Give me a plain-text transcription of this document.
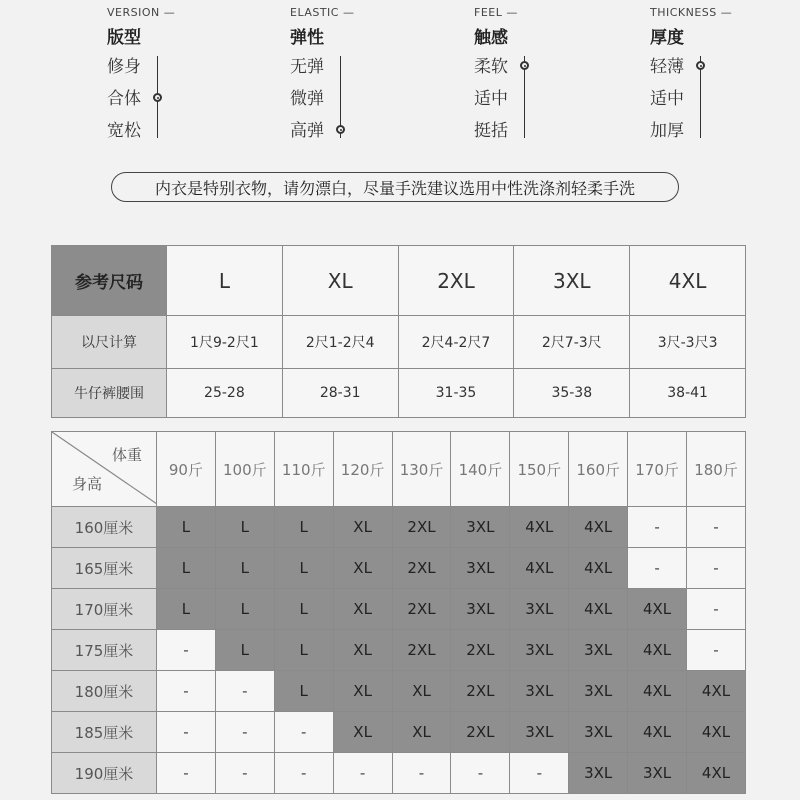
VERSION —
版型
修身
合体
宽松
ELASTIC —
弹性
无弹
微弹
高弹
FEEL —
触感
柔软
适中
挺括
THICKNESS —
厚度
轻薄
适中
加厚
内衣是特别衣物，请勿漂白，尽量手洗建议选用中性洗涤剂轻柔手洗
参考尺码	L	XL	2XL	3XL	4XL
以尺计算	1尺9-2尺1	2尺1-2尺4	2尺4-2尺7	2尺7-3尺	3尺-3尺3
牛仔裤腰围	25-28	28-31	31-35	35-38	38-41
体重
身高	90斤	100斤	110斤	120斤	130斤	140斤	150斤	160斤	170斤	180斤
160厘米	L	L	L	XL	2XL	3XL	4XL	4XL	-	-
165厘米	L	L	L	XL	2XL	3XL	4XL	4XL	-	-
170厘米	L	L	L	XL	2XL	3XL	3XL	4XL	4XL	-
175厘米	-	L	L	XL	2XL	2XL	3XL	3XL	4XL	-
180厘米	-	-	L	XL	XL	2XL	3XL	3XL	4XL	4XL
185厘米	-	-	-	XL	XL	2XL	3XL	3XL	4XL	4XL
190厘米	-	-	-	-	-	-	-	3XL	3XL	4XL
